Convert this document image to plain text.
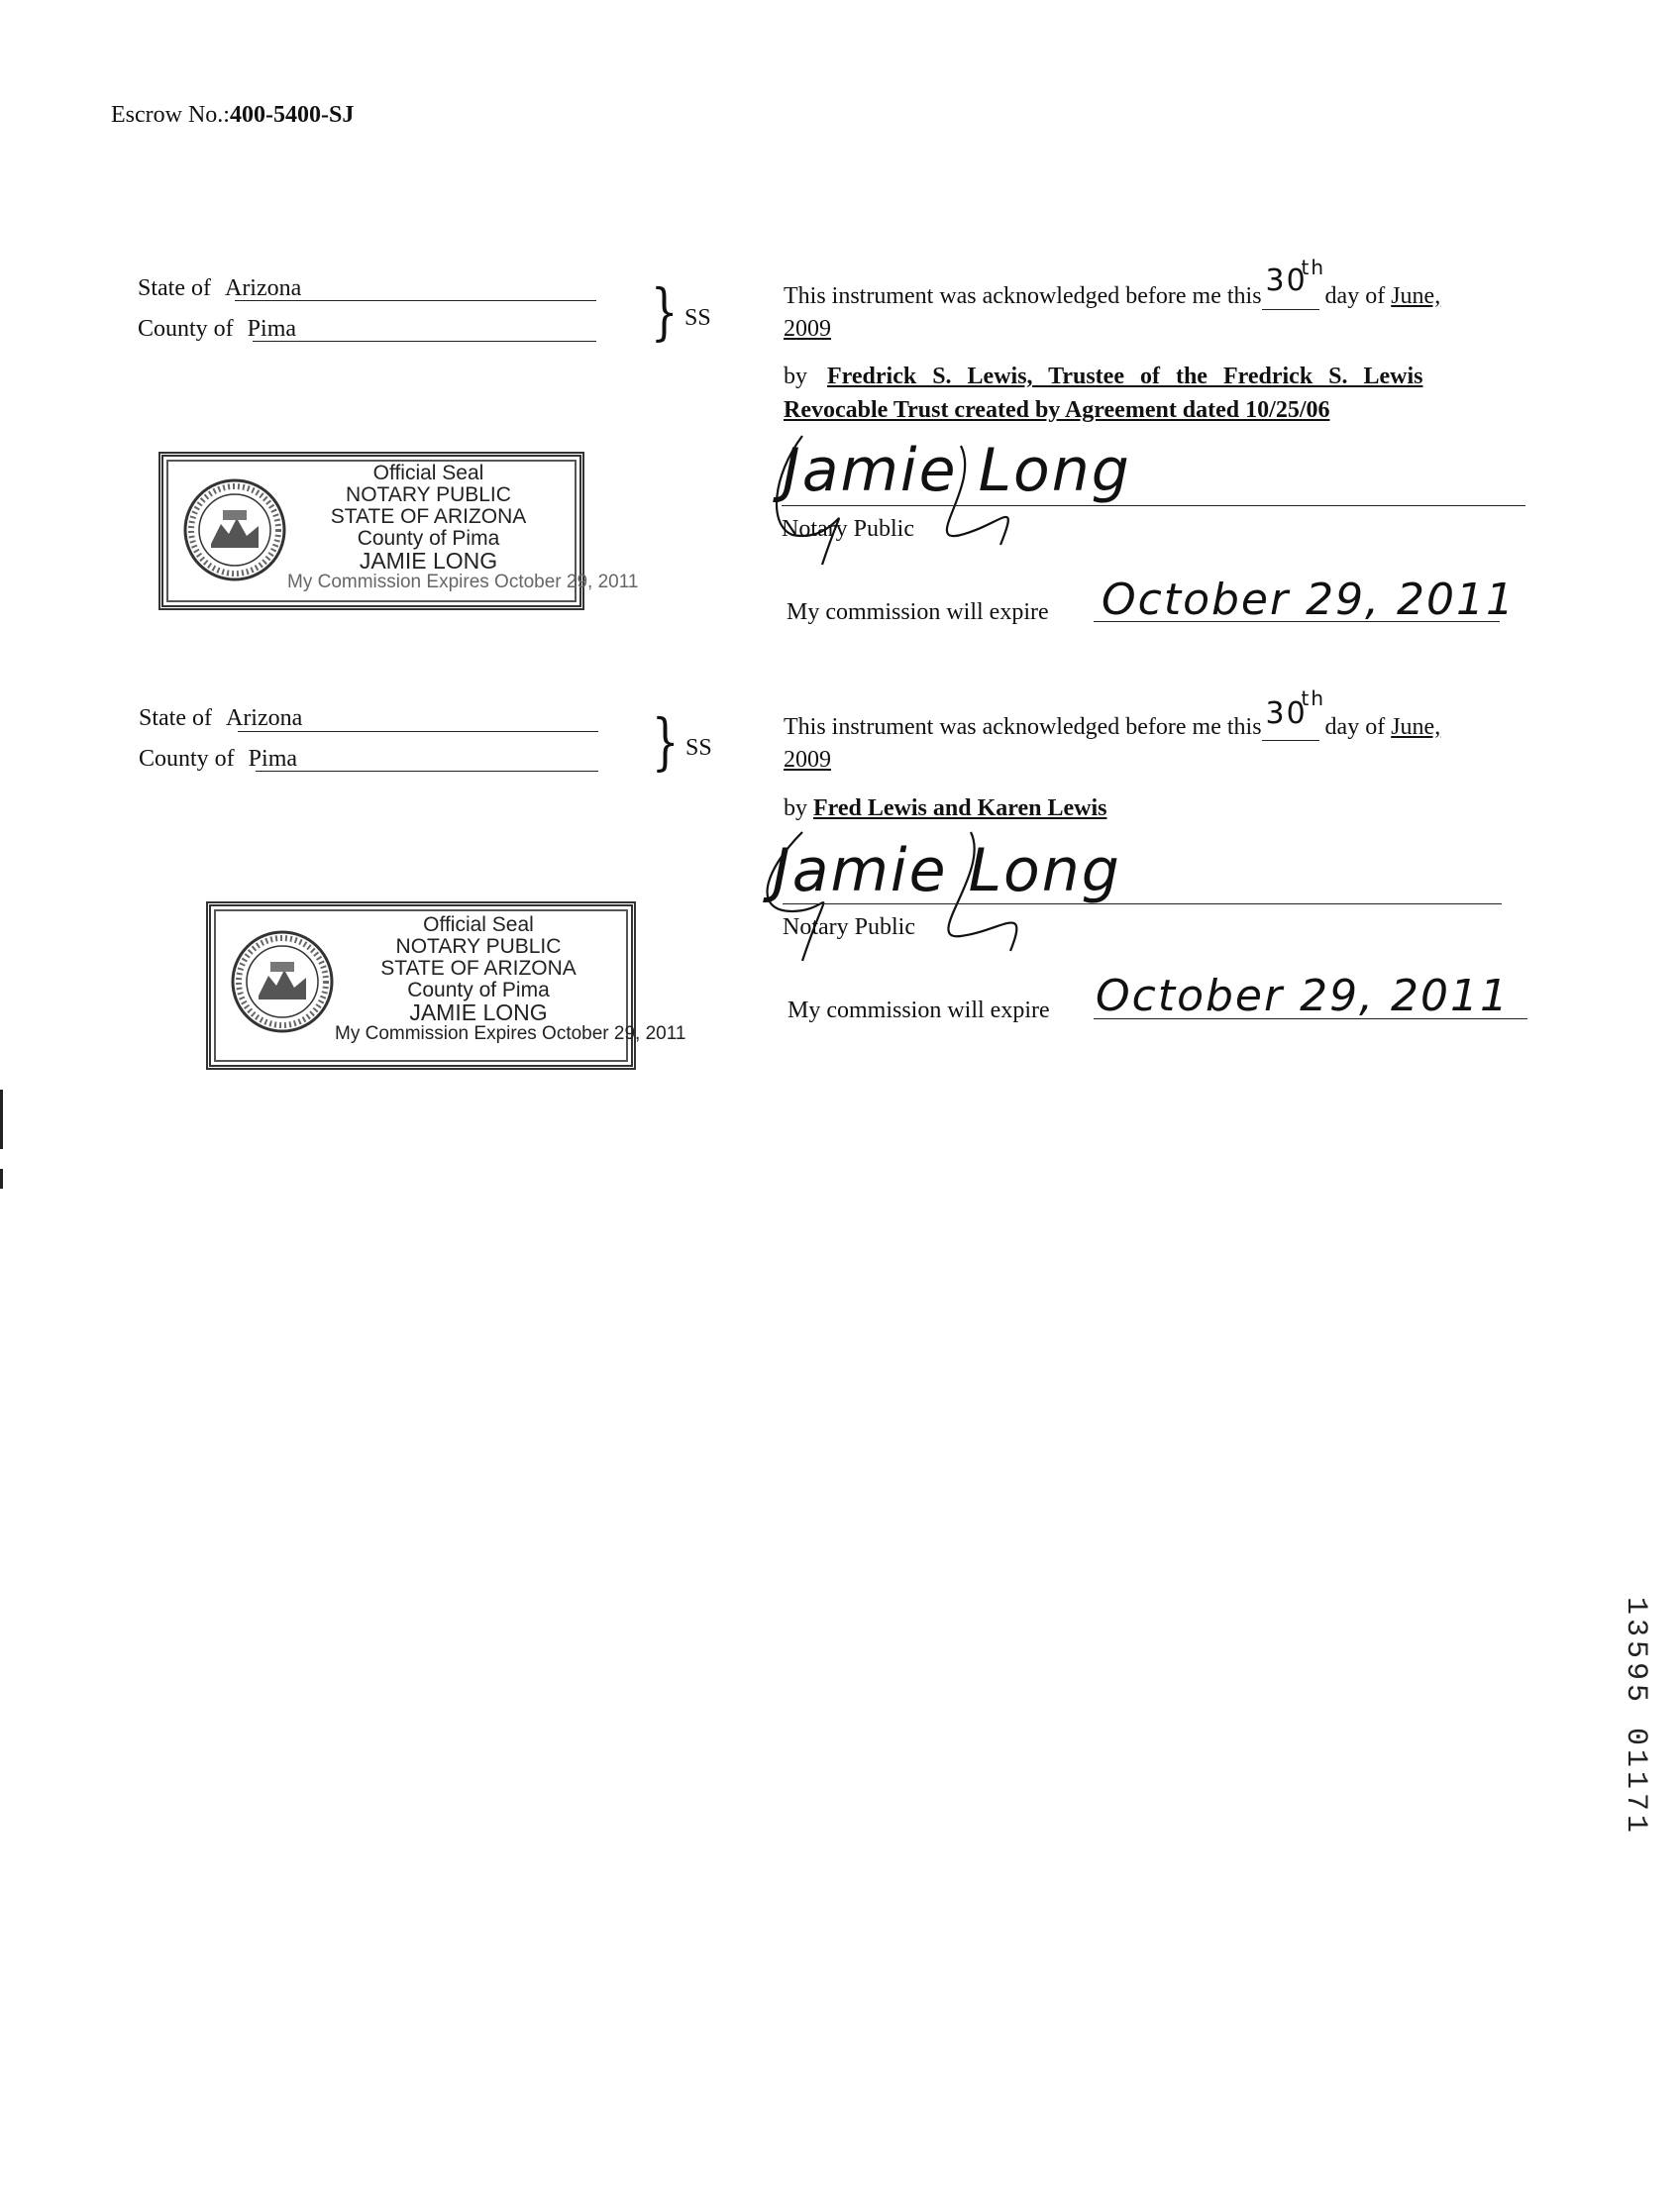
Escrow No.:400-5400-SJ
State of Arizona
County of Pima	} SS
This instrument was acknowledged before me this 30
th
day of June,
2009
by Fredrick S. Lewis, Trustee of the Fredrick S. Lewis
Revocable Trust created by Agreement dated 10/25/06
Jamie Long
Notary Public
My commission will expire October 29, 2011
Official Seal
NOTARY PUBLIC
STATE OF ARIZONA
County of Pima
JAMIE LONG
My Commission Expires October 29, 2011
State of Arizona
County of Pima	} SS
This instrument was acknowledged before me this 30
th
day of June,
2009
by Fred Lewis and Karen Lewis
Jamie Long
Notary Public
My commission will expire October 29, 2011
Official Seal
NOTARY PUBLIC
STATE OF ARIZONA
County of Pima
JAMIE LONG
My Commission Expires October 29, 2011
13595 01171
